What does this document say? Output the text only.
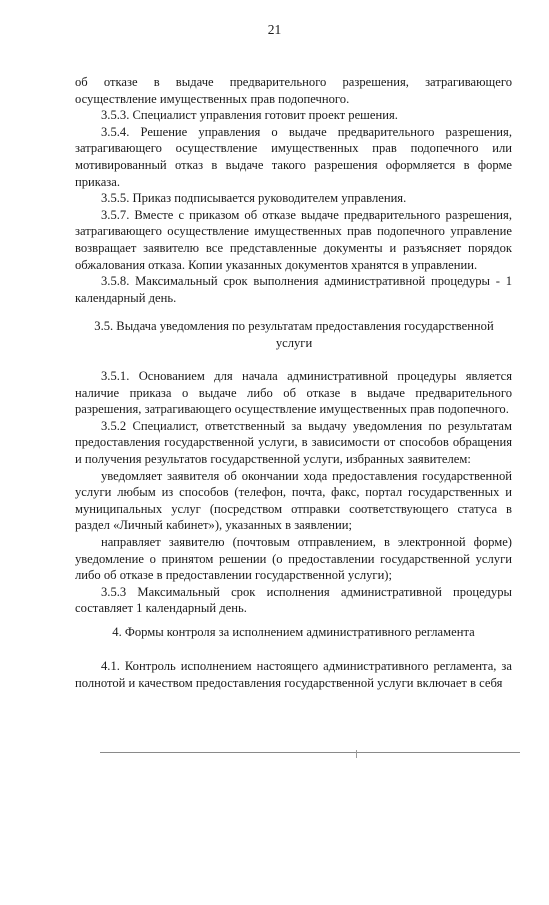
21

об отказе в выдаче предварительного разрешения, затрагивающего осуществление имущественных прав подопечного.

3.5.3. Специалист управления готовит проект решения.

3.5.4. Решение управления о выдаче предварительного разрешения, затрагивающего осуществление имущественных прав подопечного или мотивированный отказ в выдаче такого разрешения оформляется в форме приказа.

3.5.5. Приказ подписывается руководителем управления.

3.5.7. Вместе с приказом об отказе выдаче предварительного разрешения, затрагивающего осуществление имущественных прав подопечного управление возвращает заявителю все представленные документы и разъясняет порядок обжалования отказа. Копии указанных документов хранятся в управлении.

3.5.8. Максимальный срок выполнения административной процедуры - 1 календарный день.

3.5. Выдача уведомления по результатам предоставления государственной услуги

3.5.1. Основанием для начала административной процедуры является наличие приказа о выдаче либо об отказе в выдаче предварительного разрешения, затрагивающего осуществление имущественных прав подопечного.

3.5.2 Специалист, ответственный за выдачу уведомления по результатам предоставления государственной услуги, в зависимости от способов обращения и получения результатов государственной услуги, избранных заявителем:

уведомляет заявителя об окончании хода предоставления государственной услуги любым из способов (телефон, почта, факс, портал государственных и муниципальных услуг (посредством отправки соответствующего статуса в раздел «Личный кабинет»), указанных в заявлении;

направляет заявителю (почтовым отправлением, в электронной форме) уведомление о принятом решении (о предоставлении государственной услуги либо об отказе в предоставлении государственной услуги);

3.5.3 Максимальный срок исполнения административной процедуры составляет 1 календарный день.

4. Формы контроля за исполнением административного регламента

4.1. Контроль исполнением настоящего административного регламента, за полнотой и качеством предоставления государственной услуги включает в себя
